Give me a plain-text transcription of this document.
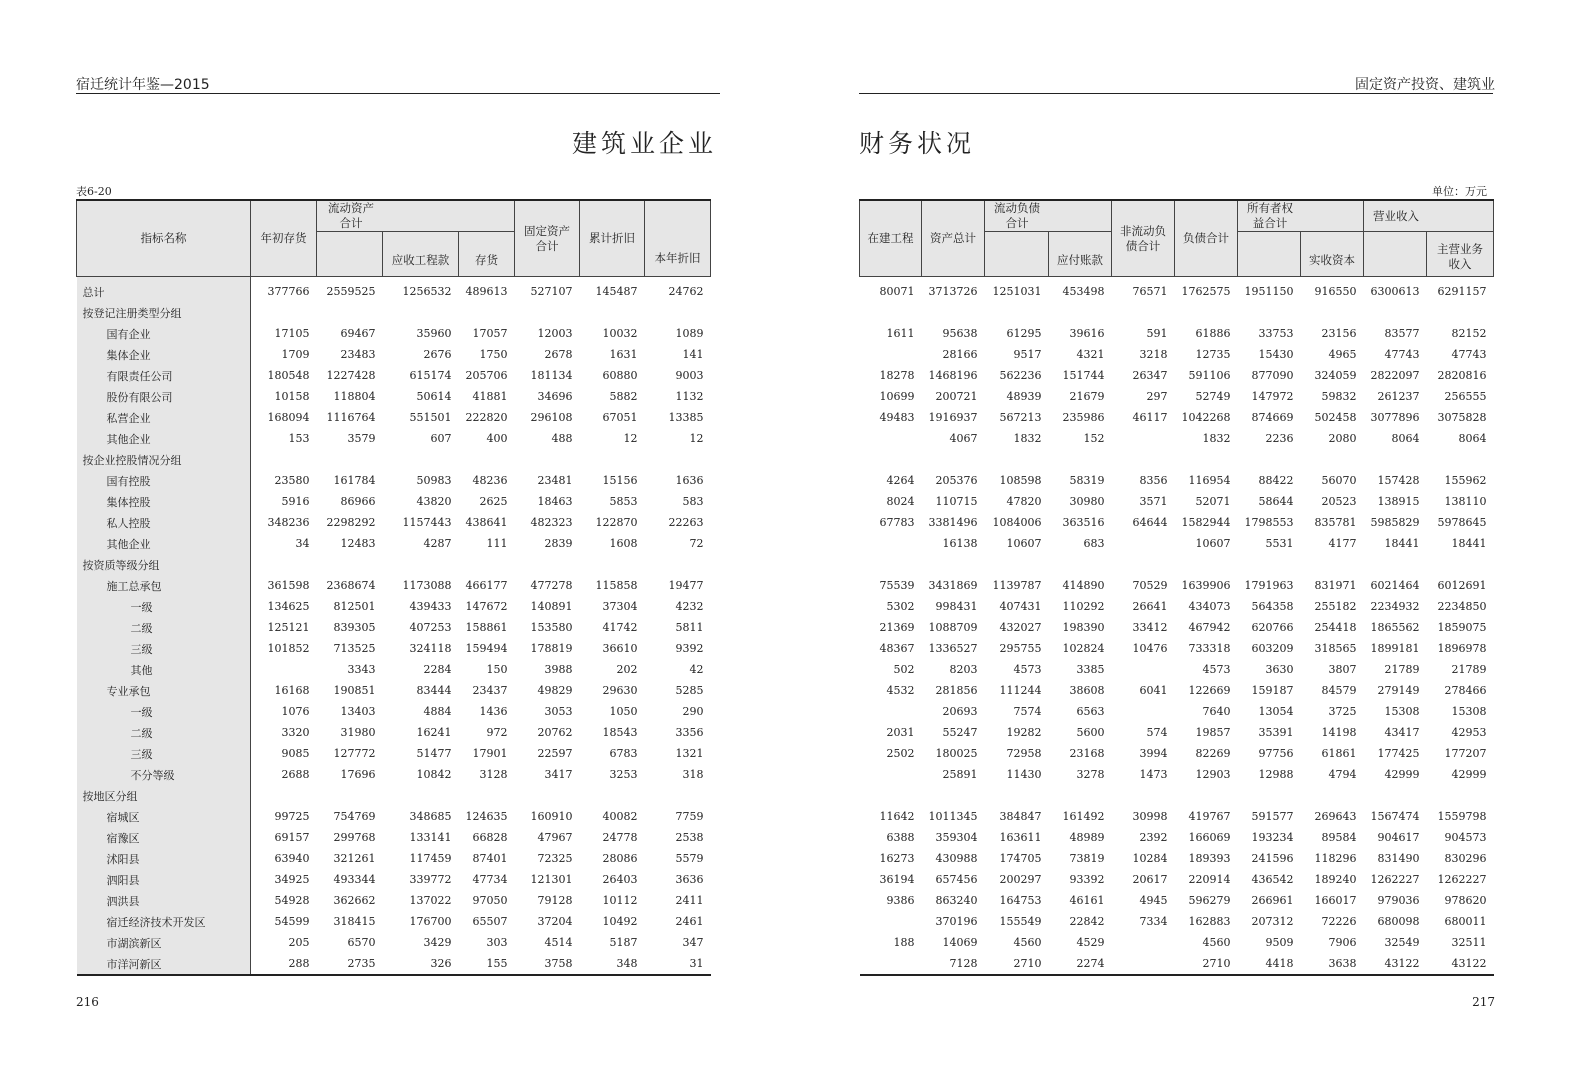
宿迁统计年鉴—2015
建筑业企业
表6-20
指标名称	年初存货	流动资产合计			固定资产合计	累计折旧	本年折旧
			应收工程款	存货			
总计	377766	2559525	1256532	489613	527107	145487	24762
按登记注册类型分组							
国有企业	17105	69467	35960	17057	12003	10032	1089
集体企业	1709	23483	2676	1750	2678	1631	141
有限责任公司	180548	1227428	615174	205706	181134	60880	9003
股份有限公司	10158	118804	50614	41881	34696	5882	1132
私营企业	168094	1116764	551501	222820	296108	67051	13385
其他企业	153	3579	607	400	488	12	12
按企业控股情况分组							
国有控股	23580	161784	50983	48236	23481	15156	1636
集体控股	5916	86966	43820	2625	18463	5853	583
私人控股	348236	2298292	1157443	438641	482323	122870	22263
其他企业	34	12483	4287	111	2839	1608	72
按资质等级分组							
施工总承包	361598	2368674	1173088	466177	477278	115858	19477
一级	134625	812501	439433	147672	140891	37304	4232
二级	125121	839305	407253	158861	153580	41742	5811
三级	101852	713525	324118	159494	178819	36610	9392
其他		3343	2284	150	3988	202	42
专业承包	16168	190851	83444	23437	49829	29630	5285
一级	1076	13403	4884	1436	3053	1050	290
二级	3320	31980	16241	972	20762	18543	3356
三级	9085	127772	51477	17901	22597	6783	1321
不分等级	2688	17696	10842	3128	3417	3253	318
按地区分组							
宿城区	99725	754769	348685	124635	160910	40082	7759
宿豫区	69157	299768	133141	66828	47967	24778	2538
沭阳县	63940	321261	117459	87401	72325	28086	5579
泗阳县	34925	493344	339772	47734	121301	26403	3636
泗洪县	54928	362662	137022	97050	79128	10112	2411
宿迁经济技术开发区	54599	318415	176700	65507	37204	10492	2461
市湖滨新区	205	6570	3429	303	4514	5187	347
市洋河新区	288	2735	326	155	3758	348	31
216
固定资产投资、建筑业
财务状况
单位：万元
在建工程	资产总计	流动负债合计		非流动负债合计	负债合计	所有者权益合计		营业收入	

			应付账款				实收资本		主营业务收入

80071	3713726	1251031	453498	76571	1762575	1951150	916550	6300613	6291157

1611	95638	61295	39616	591	61886	33753	23156	83577	82152
	28166	9517	4321	3218	12735	15430	4965	47743	47743
18278	1468196	562236	151744	26347	591106	877090	324059	2822097	2820816
10699	200721	48939	21679	297	52749	147972	59832	261237	256555
49483	1916937	567213	235986	46117	1042268	874669	502458	3077896	3075828
	4067	1832	152		1832	2236	2080	8064	8064

4264	205376	108598	58319	8356	116954	88422	56070	157428	155962
8024	110715	47820	30980	3571	52071	58644	20523	138915	138110
67783	3381496	1084006	363516	64644	1582944	1798553	835781	5985829	5978645
	16138	10607	683		10607	5531	4177	18441	18441

75539	3431869	1139787	414890	70529	1639906	1791963	831971	6021464	6012691
5302	998431	407431	110292	26641	434073	564358	255182	2234932	2234850
21369	1088709	432027	198390	33412	467942	620766	254418	1865562	1859075
48367	1336527	295755	102824	10476	733318	603209	318565	1899181	1896978
502	8203	4573	3385		4573	3630	3807	21789	21789
4532	281856	111244	38608	6041	122669	159187	84579	279149	278466
	20693	7574	6563		7640	13054	3725	15308	15308
2031	55247	19282	5600	574	19857	35391	14198	43417	42953
2502	180025	72958	23168	3994	82269	97756	61861	177425	177207
	25891	11430	3278	1473	12903	12988	4794	42999	42999

11642	1011345	384847	161492	30998	419767	591577	269643	1567474	1559798
6388	359304	163611	48989	2392	166069	193234	89584	904617	904573
16273	430988	174705	73819	10284	189393	241596	118296	831490	830296
36194	657456	200297	93392	20617	220914	436542	189240	1262227	1262227
9386	863240	164753	46161	4945	596279	266961	166017	979036	978620
	370196	155549	22842	7334	162883	207312	72226	680098	680011
188	14069	4560	4529		4560	9509	7906	32549	32511
	7128	2710	2274		2710	4418	3638	43122	43122
217
